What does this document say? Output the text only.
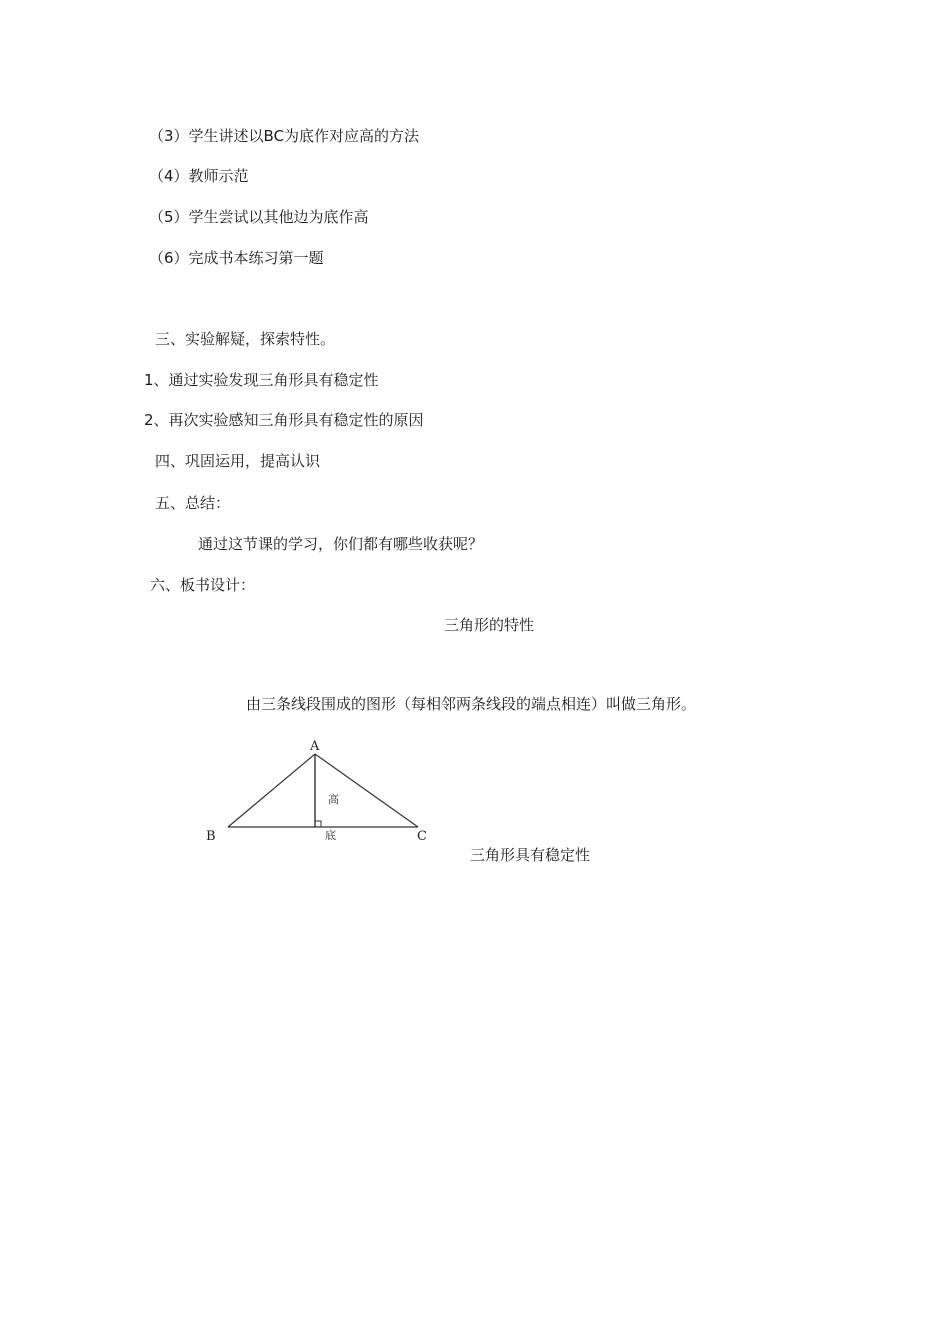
（3）学生讲述以BC为底作对应高的方法
（4）教师示范
（5）学生尝试以其他边为底作高
（6）完成书本练习第一题
三、实验解疑，探索特性。
1、通过实验发现三角形具有稳定性
2、再次实验感知三角形具有稳定性的原因
四、巩固运用，提高认识
五、总结：
通过这节课的学习，你们都有哪些收获呢？
六、板书设计：
三角形的特性
由三条线段围成的图形（每相邻两条线段的端点相连）叫做三角形。
A
B	C
高
底
三角形具有稳定性
